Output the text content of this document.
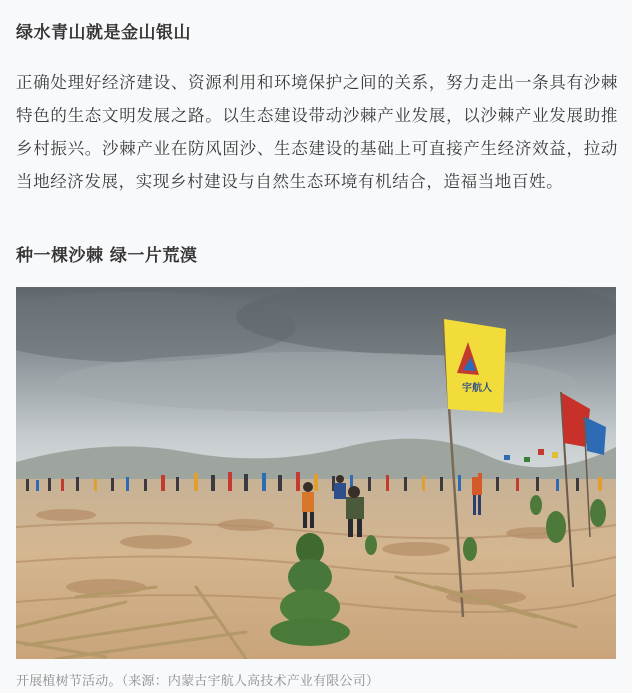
绿水青山就是金山银山

正确处理好经济建设、资源利用和环境保护之间的关系，努力走出一条具有沙棘特色的生态文明发展之路。以生态建设带动沙棘产业发展，以沙棘产业发展助推乡村振兴。沙棘产业在防风固沙、生态建设的基础上可直接产生经济效益，拉动当地经济发展，实现乡村建设与自然生态环境有机结合，造福当地百姓。

种一棵沙棘 绿一片荒漠
宇航人
开展植树节活动。（来源：内蒙古宇航人高技术产业有限公司）
